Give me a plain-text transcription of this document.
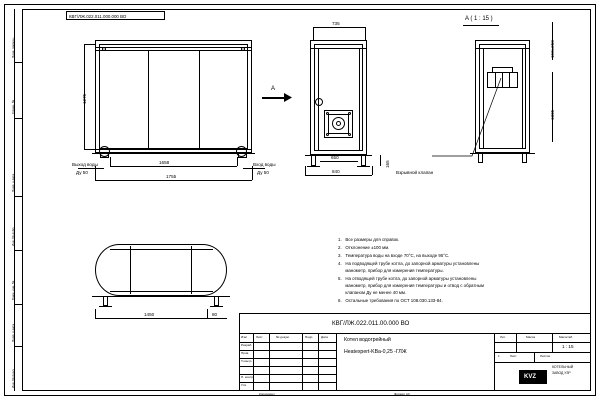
Перв. примен.
Справ. №
Подп. и дата
Инв. № дубл.
Взам. инв. №
Подп. и дата
Инв. № подл.
КВГ/ЛЖ.022.011.000.000 ВО
1275
1658
1755
Выход воды
Ду 50
Вход воды
Ду 50
A
735
650
840
165
A ( 1 : 15 )
150±250
1005
Взрывной клапан
1450	80
1.   Все размеры для справок.
2.   Отклонение ±100 мм.
3.   Температура воды на входе 70°С, на выходе 95°С.
4.   На подводящей трубе котла, до запорной арматуры установлены
манометр, прибор для измерения температуры.
5.   На отводящей трубе котла, до запорной арматуры установлены
манометр, прибор для измерения температуры и отвод с обратным
клапаном Ду не менее 40 мм.
6.   Остальные требования по ОСТ 108.030.133-84.
КВГ/ЛЖ.022.011.00.000 ВО
Изм	Лист	№ докум.	Подп.	Дата
Разраб.
Пров.
Т.контр.
Н. контр.
Утв.
Котел водогрейный
Heatexpert-KВа-0,25 -ГЛЖ
Лит.	Масса	Масштаб
1 : 15
Лист
1	Листов
КОТЕЛЬНЫЙ
ЗАВОД УЗР
KVZ
Копировал	Формат A3
